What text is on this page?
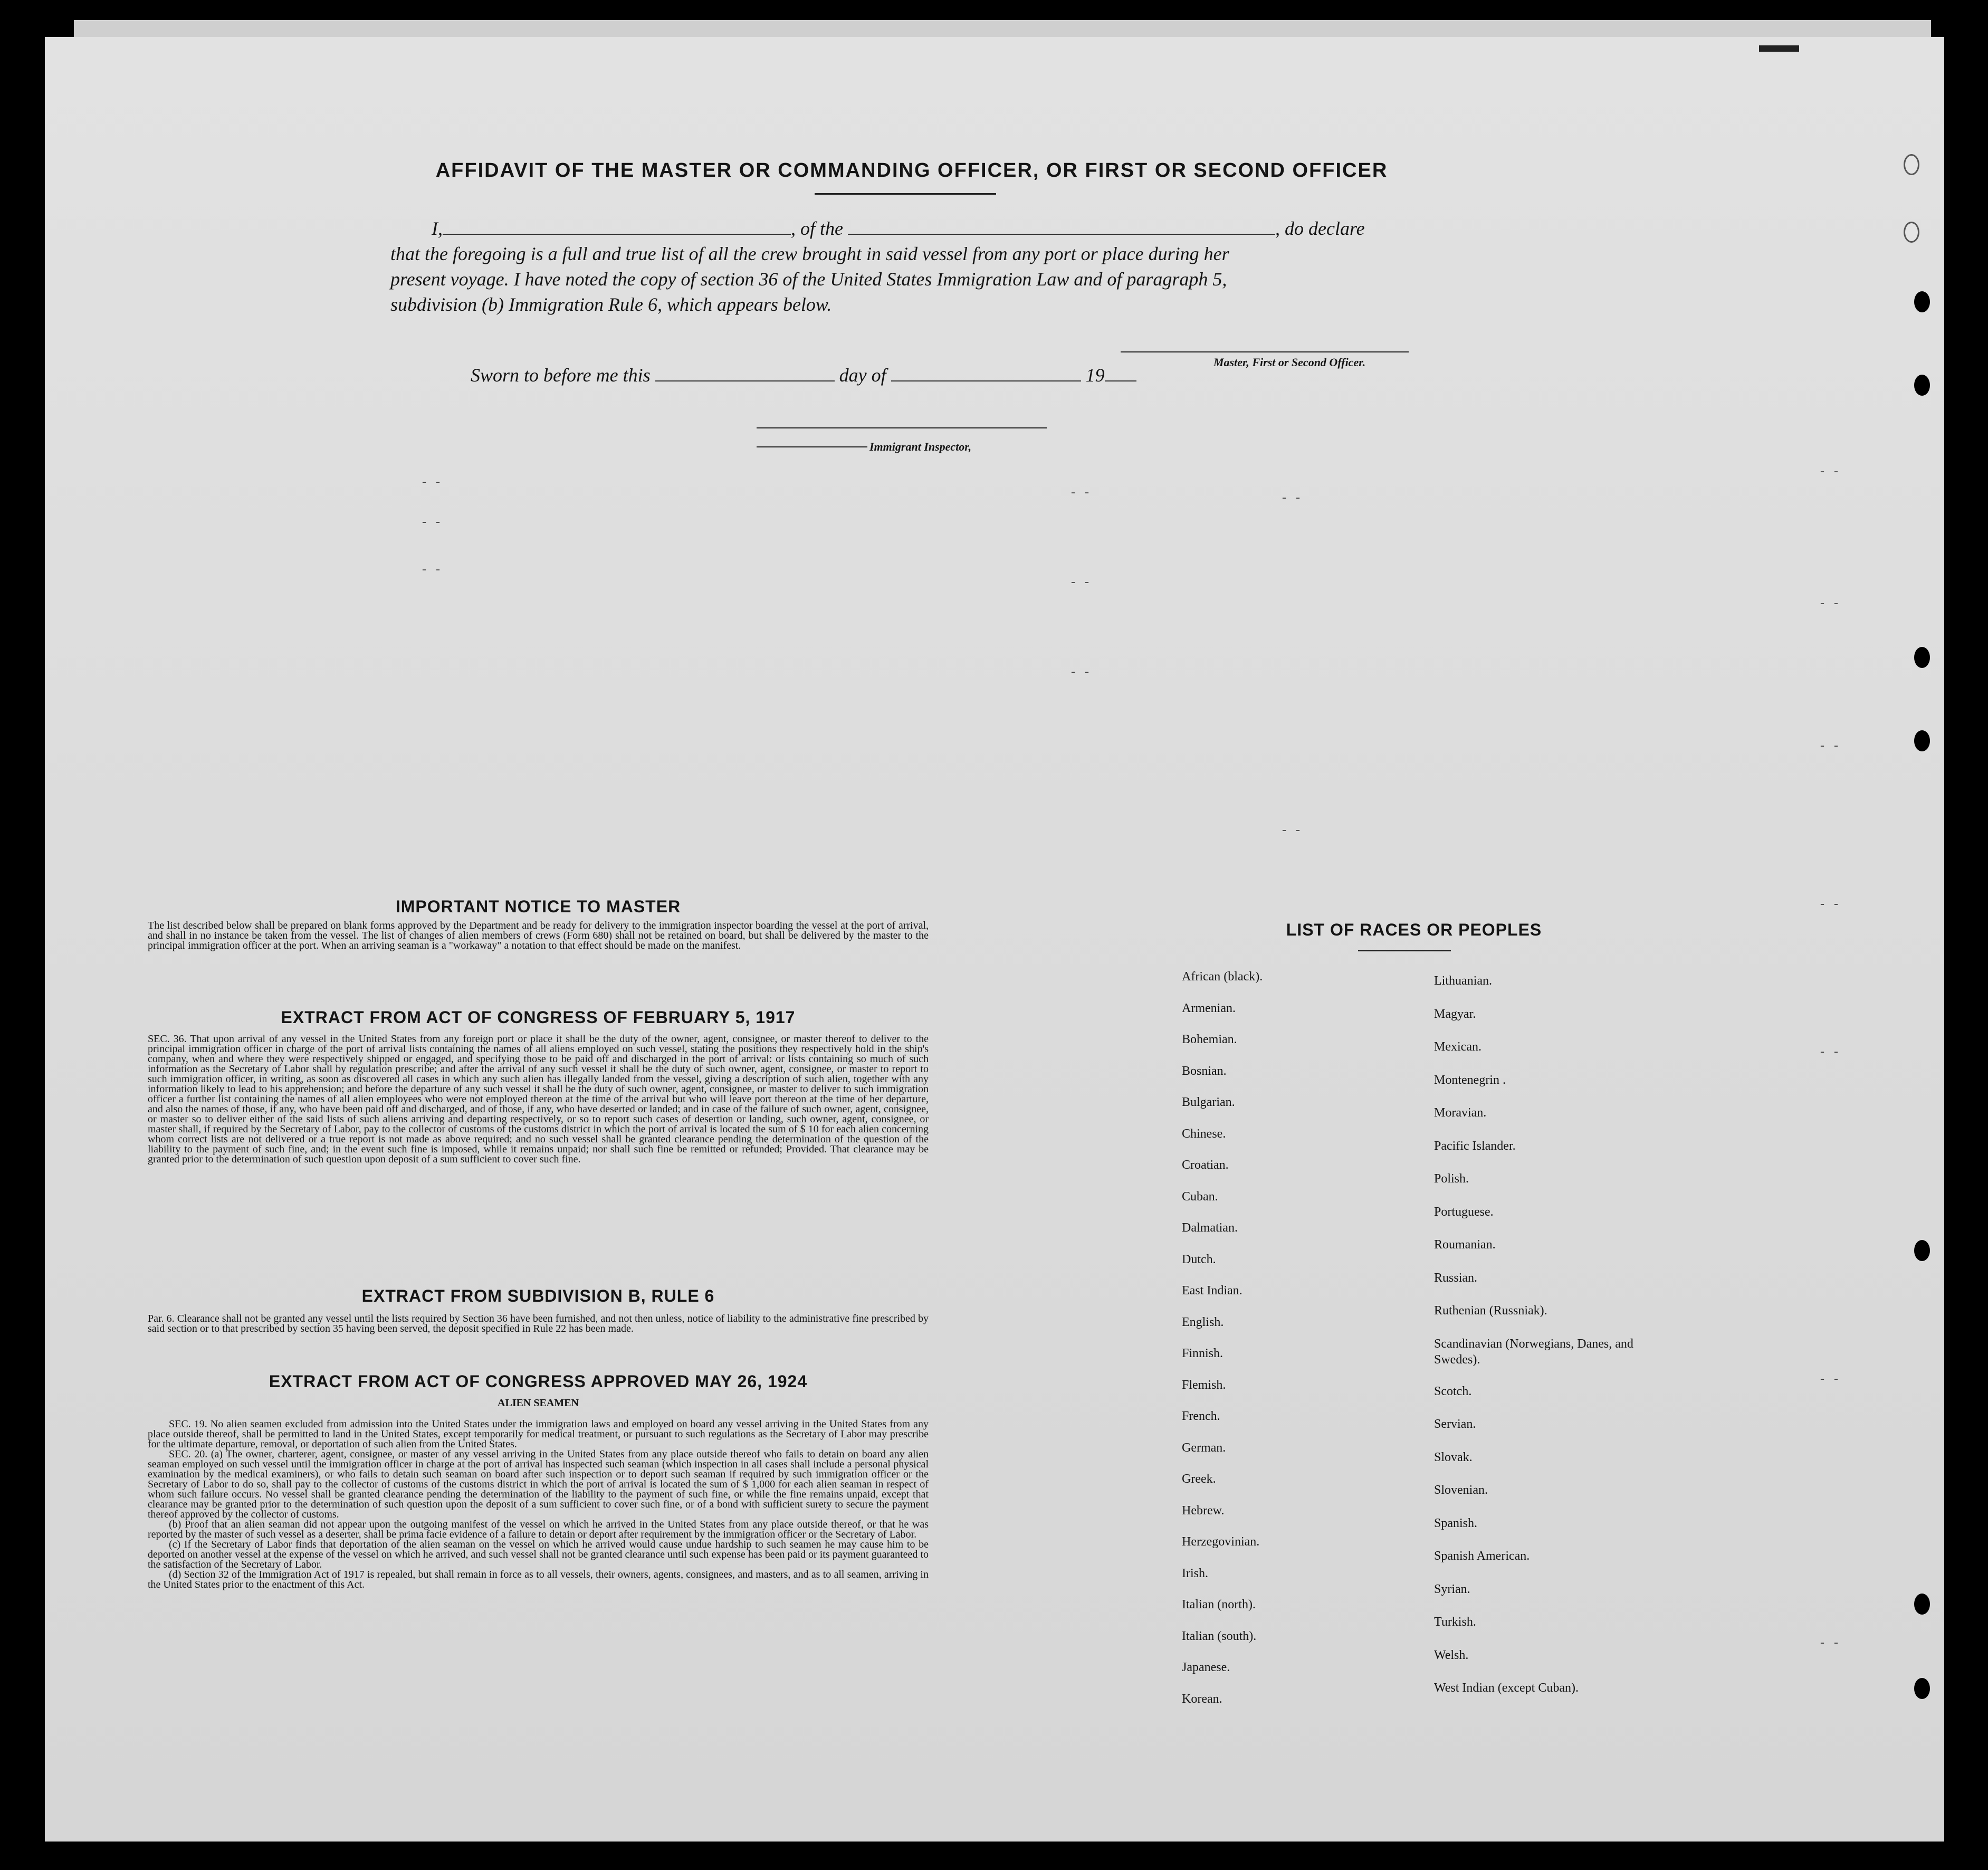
AFFIDAVIT OF THE MASTER OR COMMANDING OFFICER, OR FIRST OR SECOND OFFICER
I,	, of the	, do declare
that the foregoing is a full and true list of all the crew brought in said vessel from any port or place during her
present voyage. I have noted the copy of section 36 of the United States Immigration Law and of paragraph 5,
subdivision (b) Immigration Rule 6, which appears below.
Master, First or Second Officer.
Sworn to before me this	day of	19
Immigrant Inspector,
- -
- -
- -
- -
- -
- -
- -
- -
- -
- -
- -
- -
- -
- -
- -
IMPORTANT NOTICE TO MASTER
The list described below shall be prepared on blank forms approved by the Department and be ready for delivery to the immigration inspector boarding the vessel at the port of arrival, and shall in no instance be taken from the vessel. The list of changes of alien members of crews (Form 680) shall not be retained on board, but shall be delivered by the master to the principal immigration officer at the port. When an arriving seaman is a "workaway" a notation to that effect should be made on the manifest.
EXTRACT FROM ACT OF CONGRESS OF FEBRUARY 5, 1917
SEC. 36. That upon arrival of any vessel in the United States from any foreign port or place it shall be the duty of the owner, agent, consignee, or master thereof to deliver to the principal immigration officer in charge of the port of arrival lists containing the names of all aliens employed on such vessel, stating the positions they respectively hold in the ship's company, when and where they were respectively shipped or engaged, and specifying those to be paid off and discharged in the port of arrival: or lists containing so much of such information as the Secretary of Labor shall by regulation prescribe; and after the arrival of any such vessel it shall be the duty of such owner, agent, consignee, or master to report to such immigration officer, in writing, as soon as discovered all cases in which any such alien has illegally landed from the vessel, giving a description of such alien, together with any information likely to lead to his apprehension; and before the departure of any such vessel it shall be the duty of such owner, agent, consignee, or master to deliver to such immigration officer a further list containing the names of all alien employees who were not employed thereon at the time of the arrival but who will leave port thereon at the time of her departure, and also the names of those, if any, who have been paid off and discharged, and of those, if any, who have deserted or landed; and in case of the failure of such owner, agent, consignee, or master so to deliver either of the said lists of such aliens arriving and departing respectively, or so to report such cases of desertion or landing, such owner, agent, consignee, or master shall, if required by the Secretary of Labor, pay to the collector of customs of the customs district in which the port of arrival is located the sum of $ 10 for each alien concerning whom correct lists are not delivered or a true report is not made as above required; and no such vessel shall be granted clearance pending the determination of the question of the liability to the payment of such fine, and; in the event such fine is imposed, while it remains unpaid; nor shall such fine be remitted or refunded; Provided. That clearance may be granted prior to the determination of such question upon deposit of a sum sufficient to cover such fine.
EXTRACT FROM SUBDIVISION B, RULE 6
Par. 6. Clearance shall not be granted any vessel until the lists required by Section 36 have been furnished, and not then unless, notice of liability to the administrative fine prescribed by said section or to that prescribed by section 35 having been served, the deposit specified in Rule 22 has been made.
EXTRACT FROM ACT OF CONGRESS APPROVED MAY 26, 1924
ALIEN SEAMEN
SEC. 19. No alien seamen excluded from admission into the United States under the immigration laws and employed on board any vessel arriving in the United States from any place outside thereof, shall be permitted to land in the United States, except temporarily for medical treatment, or pursuant to such regulations as the Secretary of Labor may prescribe for the ultimate departure, removal, or deportation of such alien from the United States.
SEC. 20. (a) The owner, charterer, agent, consignee, or master of any vessel arriving in the United States from any place outside thereof who fails to detain on board any alien seaman employed on such vessel until the immigration officer in charge at the port of arrival has inspected such seaman (which inspection in all cases shall include a personal physical examination by the medical examiners), or who fails to detain such seaman on board after such inspection or to deport such seaman if required by such immigration officer or the Secretary of Labor to do so, shall pay to the collector of customs of the customs district in which the port of arrival is located the sum of $ 1,000 for each alien seaman in respect of whom such failure occurs. No vessel shall be granted clearance pending the determination of the liability to the payment of such fine, or while the fine remains unpaid, except that clearance may be granted prior to the determination of such question upon the deposit of a sum sufficient to cover such fine, or of a bond with sufficient surety to secure the payment thereof approved by the collector of customs.
(b) Proof that an alien seaman did not appear upon the outgoing manifest of the vessel on which he arrived in the United States from any place outside thereof, or that he was reported by the master of such vessel as a deserter, shall be prima facie evidence of a failure to detain or deport after requirement by the immigration officer or the Secretary of Labor.
(c) If the Secretary of Labor finds that deportation of the alien seaman on the vessel on which he arrived would cause undue hardship to such seamen he may cause him to be deported on another vessel at the expense of the vessel on which he arrived, and such vessel shall not be granted clearance until such expense has been paid or its payment guaranteed to the satisfaction of the Secretary of Labor.
(d) Section 32 of the Immigration Act of 1917 is repealed, but shall remain in force as to all vessels, their owners, agents, consignees, and masters, and as to all seamen, arriving in the United States prior to the enactment of this Act.
LIST OF RACES OR PEOPLES
African (black).
Armenian.
Bohemian.
Bosnian.
Bulgarian.
Chinese.
Croatian.
Cuban.
Dalmatian.
Dutch.
East Indian.
English.
Finnish.
Flemish.
French.
German.
Greek.
Hebrew.
Herzegovinian.
Irish.
Italian (north).
Italian (south).
Japanese.
Korean.
Lithuanian.
Magyar.
Mexican.
Montenegrin .
Moravian.
Pacific Islander.
Polish.
Portuguese.
Roumanian.
Russian.
Ruthenian (Russniak).
Scandinavian (Norwegians, Danes, and Swedes).
Scotch.
Servian.
Slovak.
Slovenian.
Spanish.
Spanish American.
Syrian.
Turkish.
Welsh.
West Indian (except Cuban).
